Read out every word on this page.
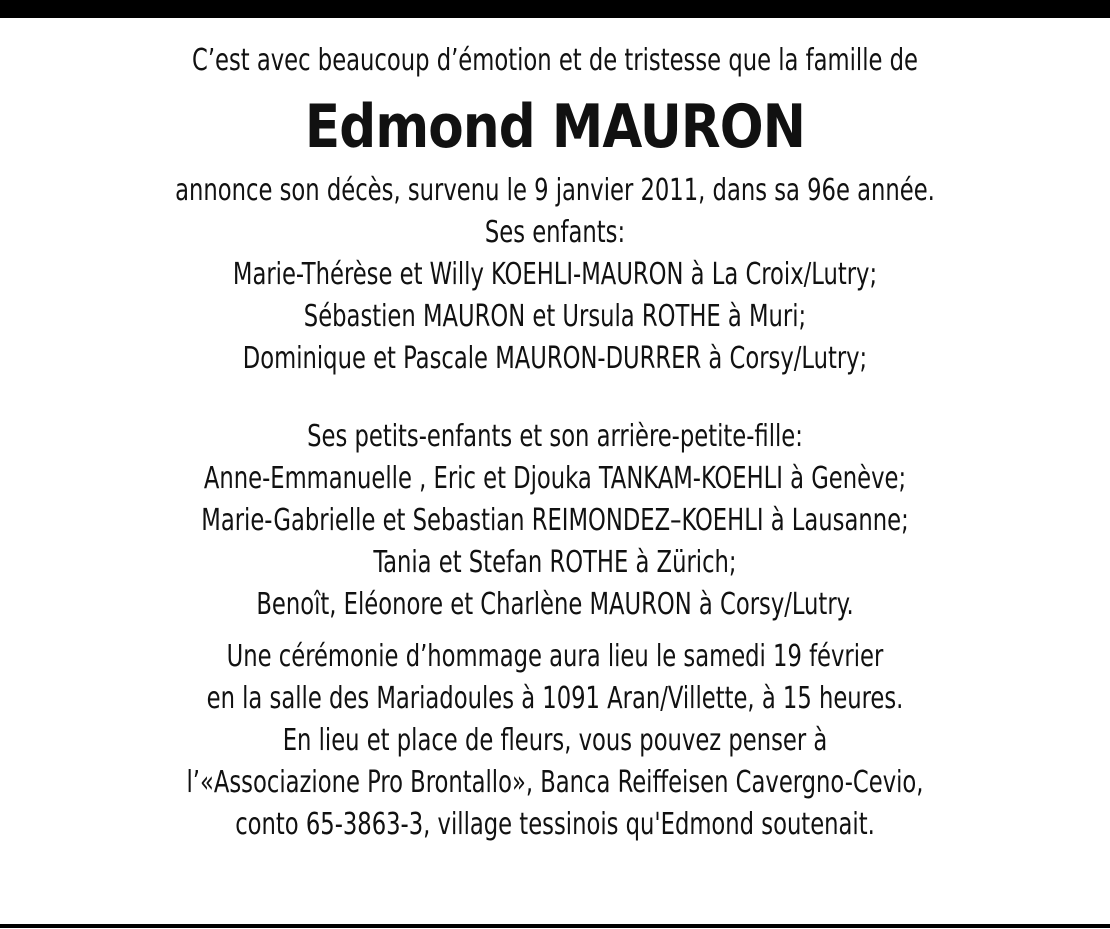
C’est avec beaucoup d’émotion et de tristesse que la famille de
Edmond MAURON
annonce son décès, survenu le 9 janvier 2011, dans sa 96e année.
Ses enfants:
Marie-Thérèse et Willy KOEHLI-MAURON à La Croix/Lutry;
Sébastien MAURON et Ursula ROTHE à Muri;
Dominique et Pascale MAURON-DURRER à Corsy/Lutry;
Ses petits-enfants et son arrière-petite-fille:
Anne-Emmanuelle , Eric et Djouka TANKAM-KOEHLI à Genève;
Marie-Gabrielle et Sebastian REIMONDEZ–KOEHLI à Lausanne;
Tania et Stefan ROTHE à Zürich;
Benoît, Eléonore et Charlène MAURON à Corsy/Lutry.
Une cérémonie d’hommage aura lieu le samedi 19 février
en la salle des Mariadoules à 1091 Aran/Villette, à 15 heures.
En lieu et place de fleurs, vous pouvez penser à
l’«Associazione Pro Brontallo», Banca Reiffeisen Cavergno-Cevio,
conto 65-3863-3, village tessinois qu'Edmond soutenait.
